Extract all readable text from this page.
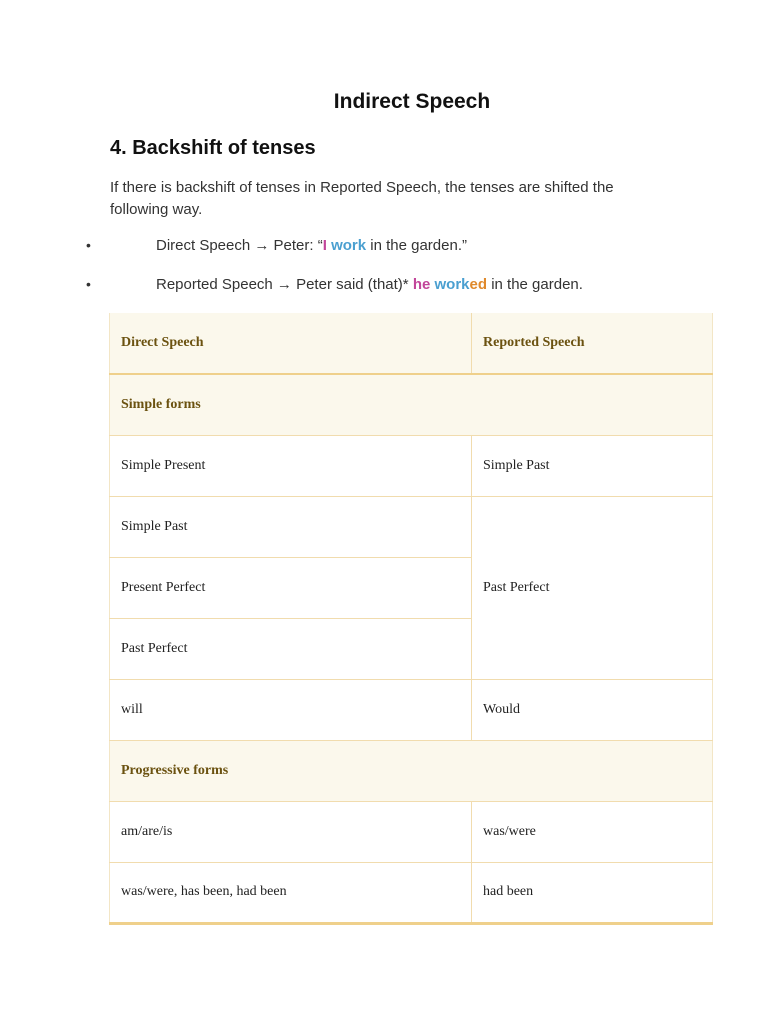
Indirect Speech
4. Backshift of tenses
If there is backshift of tenses in Reported Speech, the tenses are shifted the following way.
•	Direct Speech → Peter: “I work in the garden.”
•	Reported Speech → Peter said (that)* he worked in the garden.
Direct Speech	Reported Speech
Simple forms	
Simple Present	Simple Past
Simple Past	Past Perfect
Present Perfect	
Past Perfect	
will	Would
Progressive forms	
am/are/is	was/were
was/were, has been, had been	had been
